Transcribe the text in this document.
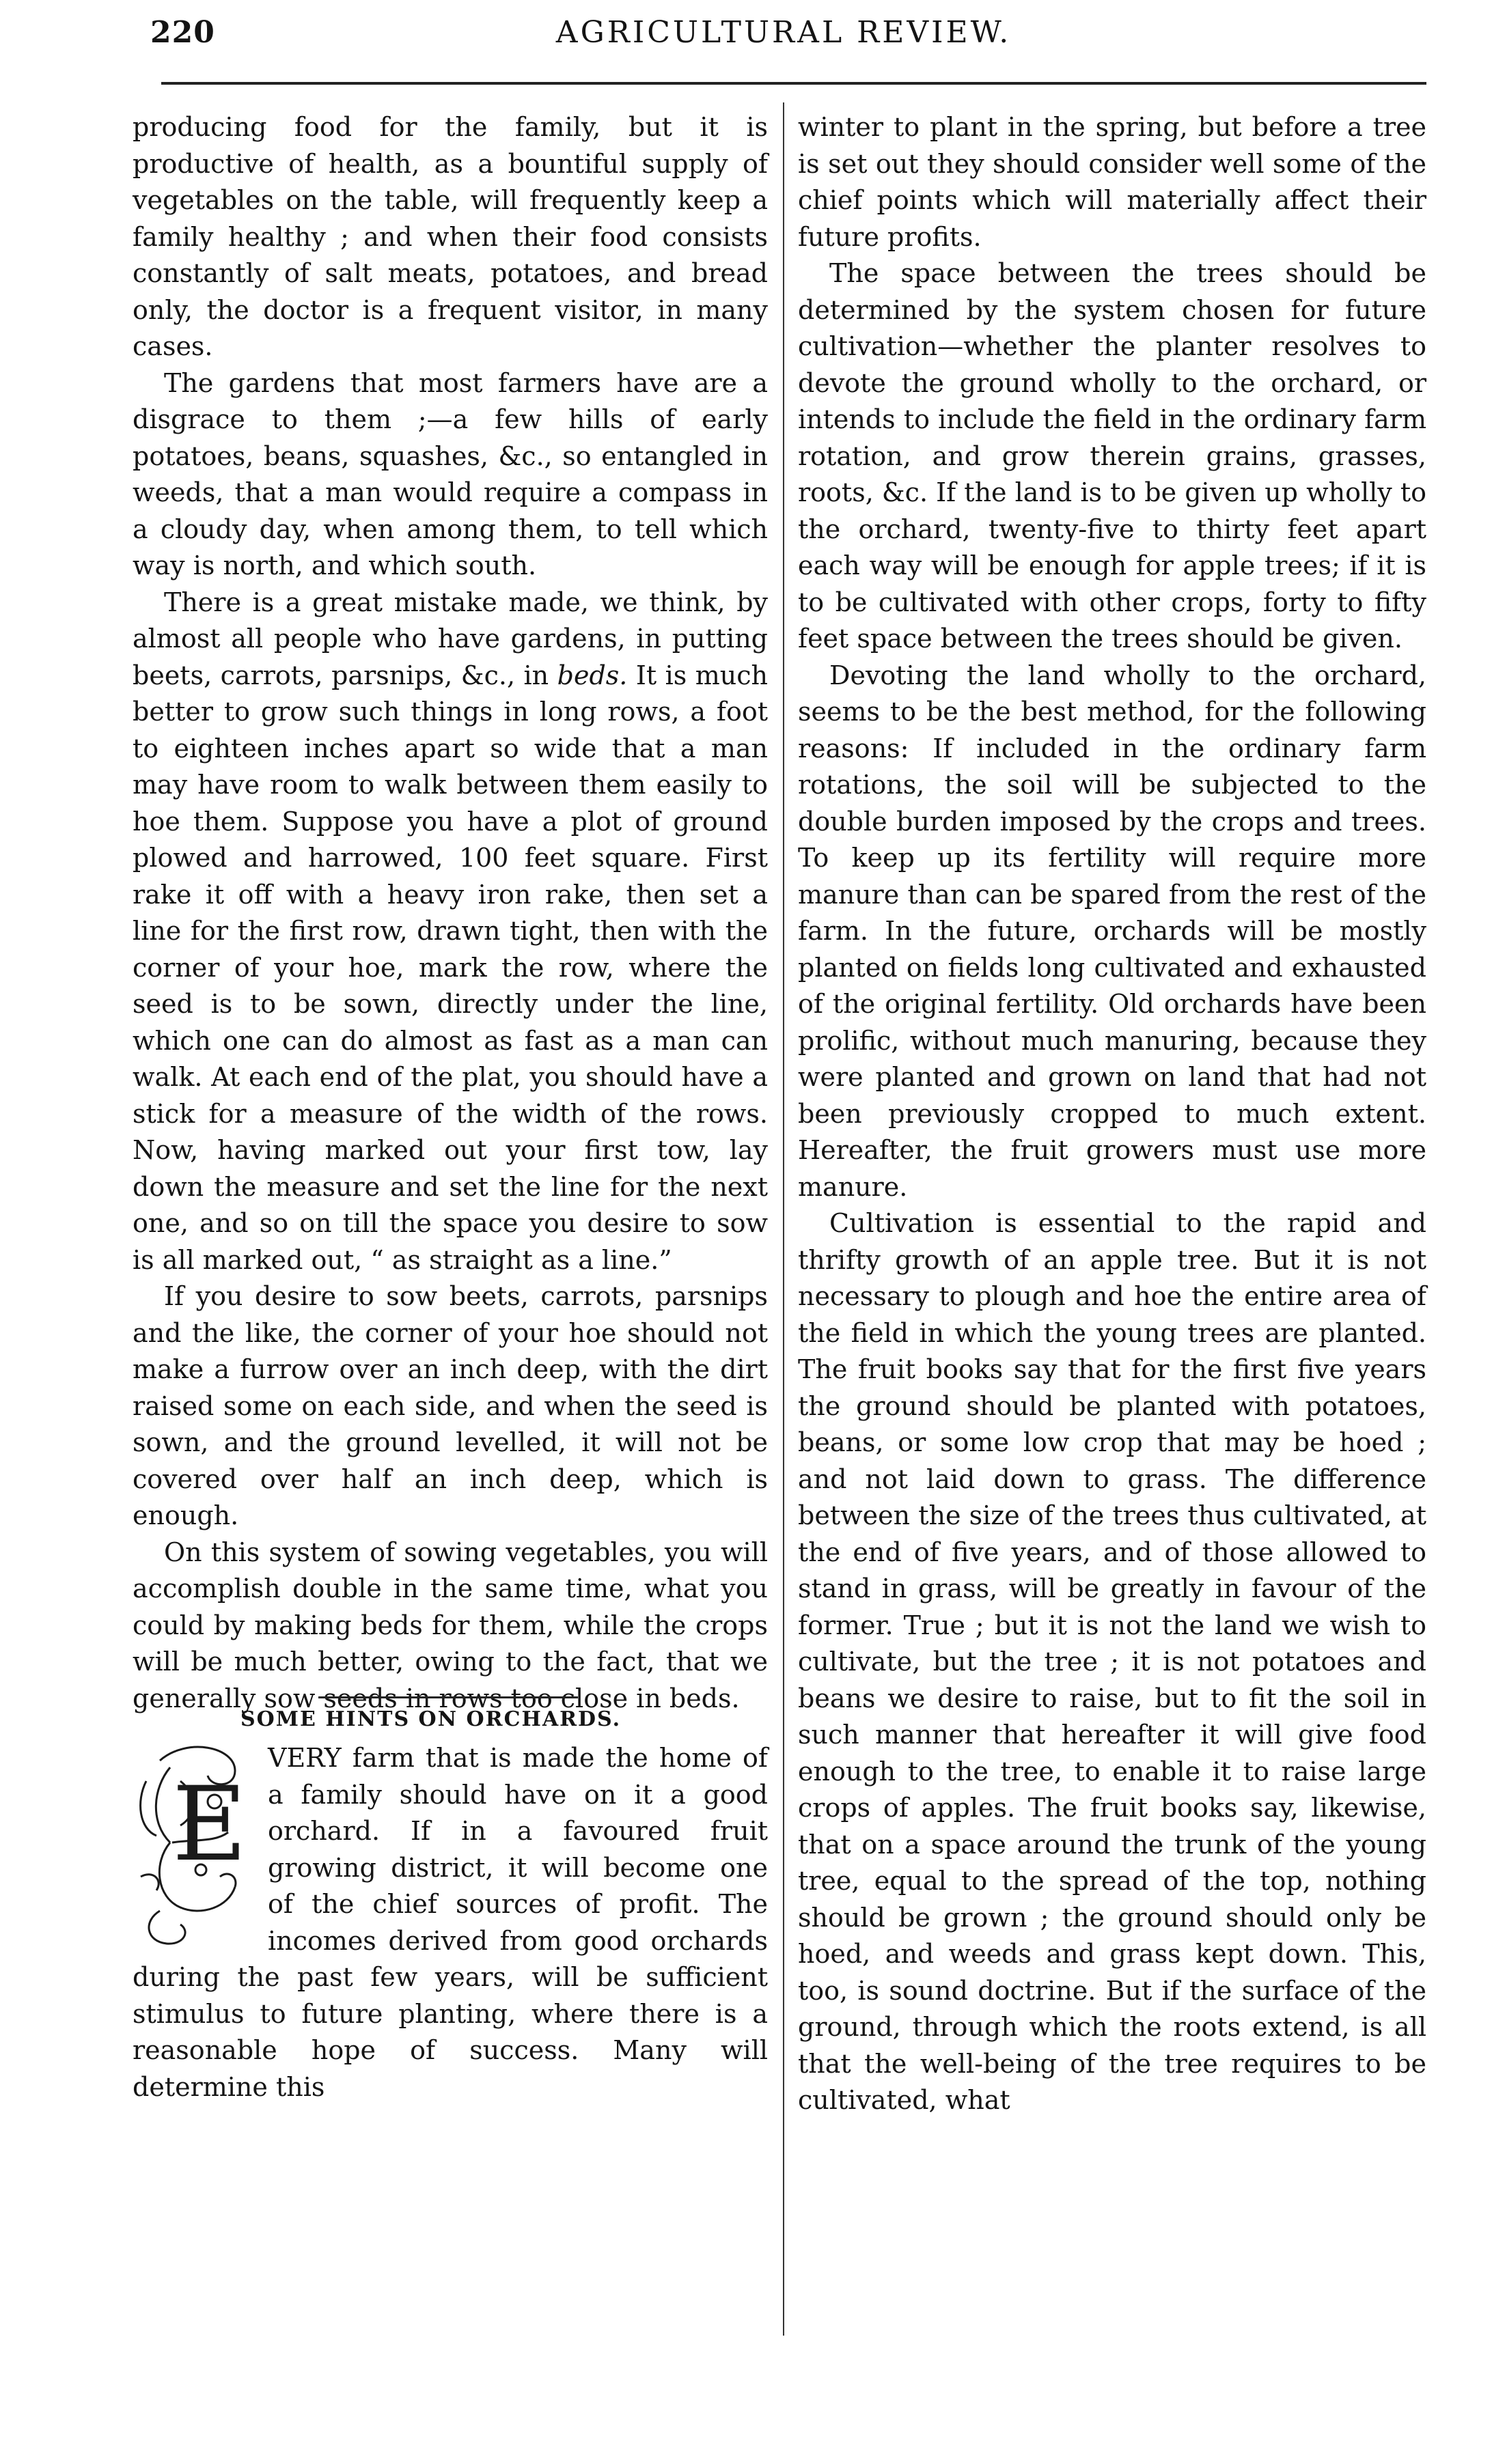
220	AGRICULTURAL REVIEW.

producing food for the family, but it is productive of health, as a bountiful supply of vegetables on the table, will frequently keep a family healthy ; and when their food consists constantly of salt meats, potatoes, and bread only, the doctor is a frequent visitor, in many cases.

The gardens that most farmers have are a disgrace to them ;—a few hills of early potatoes, beans, squashes, &c., so entangled in weeds, that a man would require a compass in a cloudy day, when among them, to tell which way is north, and which south.

There is a great mistake made, we think, by almost all people who have gardens, in putting beets, carrots, parsnips, &c., in beds. It is much better to grow such things in long rows, a foot to eighteen inches apart so wide that a man may have room to walk between them easily to hoe them. Suppose you have a plot of ground plowed and harrowed, 100 feet square. First rake it off with a heavy iron rake, then set a line for the first row, drawn tight, then with the corner of your hoe, mark the row, where the seed is to be sown, directly under the line, which one can do almost as fast as a man can walk. At each end of the plat, you should have a stick for a measure of the width of the rows. Now, having marked out your first tow, lay down the measure and set the line for the next one, and so on till the space you desire to sow is all marked out, “ as straight as a line.”

If you desire to sow beets, carrots, parsnips and the like, the corner of your hoe should not make a furrow over an inch deep, with the dirt raised some on each side, and when the seed is sown, and the ground levelled, it will not be covered over half an inch deep, which is enough.

On this system of sowing vegetables, you will accomplish double in the same time, what you could by making beds for them, while the crops will be much better, owing to the fact, that we generally sow seeds in rows too close in beds.

SOME HINTS ON ORCHARDS.
E

VERY farm that is made the home of a family should have on it a good orchard. If in a favoured fruit growing district, it will become one of the chief sources of profit. The incomes derived from good orchards during the past few years, will be sufficient stimulus to future planting, where there is a reasonable hope of success. Many will determine this

winter to plant in the spring, but before a tree is set out they should consider well some of the chief points which will materially affect their future profits.

The space between the trees should be determined by the system chosen for future cultivation—whether the planter resolves to devote the ground wholly to the orchard, or intends to include the field in the ordinary farm rotation, and grow therein grains, grasses, roots, &c. If the land is to be given up wholly to the orchard, twenty-five to thirty feet apart each way will be enough for apple trees; if it is to be cultivated with other crops, forty to fifty feet space between the trees should be given.

Devoting the land wholly to the orchard, seems to be the best method, for the following reasons: If included in the ordinary farm rotations, the soil will be subjected to the double burden imposed by the crops and trees. To keep up its fertility will require more manure than can be spared from the rest of the farm. In the future, orchards will be mostly planted on fields long cultivated and exhausted of the original fertility. Old orchards have been prolific, without much manuring, because they were planted and grown on land that had not been previously cropped to much extent. Hereafter, the fruit growers must use more manure.

Cultivation is essential to the rapid and thrifty growth of an apple tree. But it is not necessary to plough and hoe the entire area of the field in which the young trees are planted. The fruit books say that for the first five years the ground should be planted with potatoes, beans, or some low crop that may be hoed ; and not laid down to grass. The difference between the size of the trees thus cultivated, at the end of five years, and of those allowed to stand in grass, will be greatly in favour of the former. True ; but it is not the land we wish to cultivate, but the tree ; it is not potatoes and beans we desire to raise, but to fit the soil in such manner that hereafter it will give food enough to the tree, to enable it to raise large crops of apples. The fruit books say, likewise, that on a space around the trunk of the young tree, equal to the spread of the top, nothing should be grown ; the ground should only be hoed, and weeds and grass kept down. This, too, is sound doctrine. But if the surface of the ground, through which the roots extend, is all that the well-being of the tree requires to be cultivated, what
